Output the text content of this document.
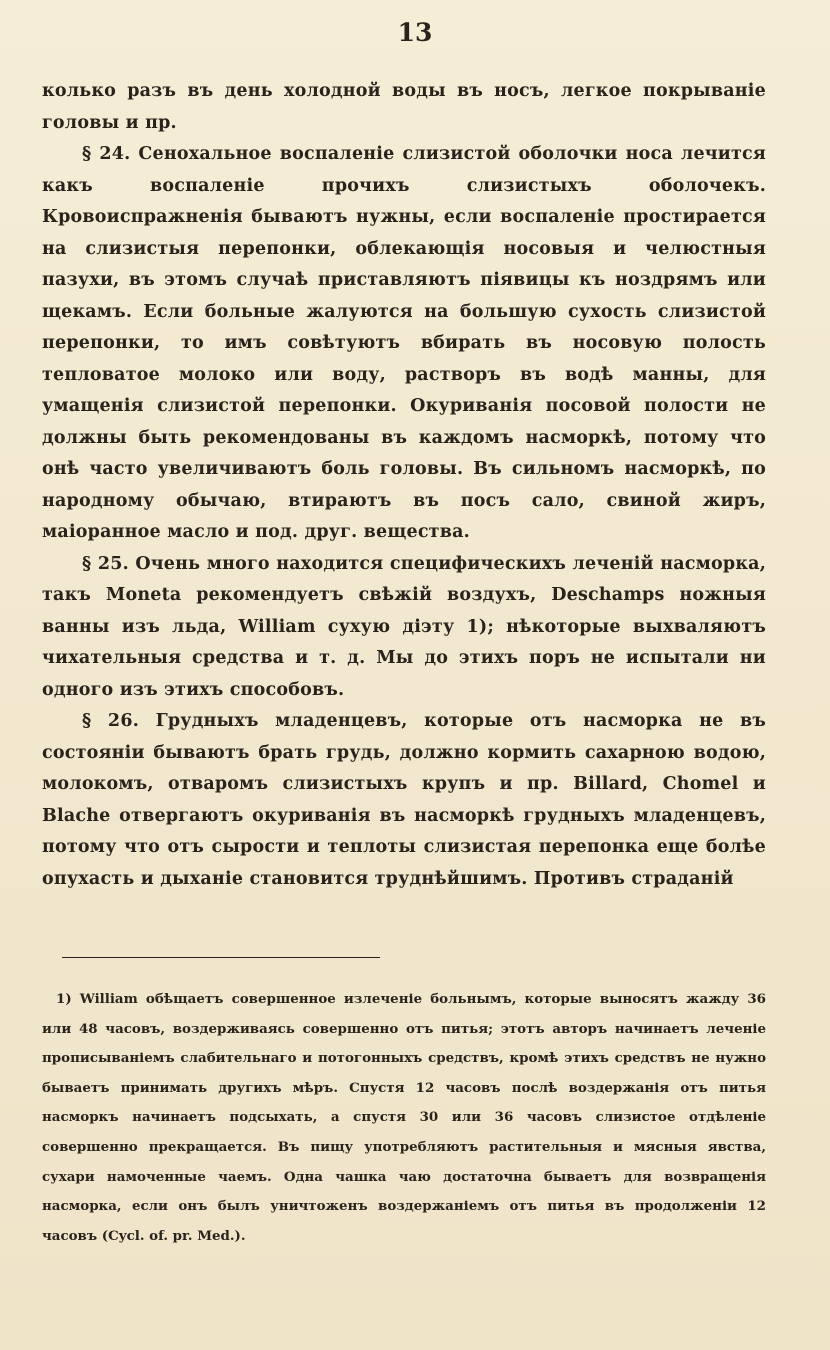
13

колько разъ въ день холодной воды въ носъ, легкое покрываніе головы и пр.

§ 24. Сенохальное воспаленіе слизистой оболочки носа лечится какъ воспаленіе прочихъ слизистыхъ оболочекъ. Кровоиспражненія бываютъ нужны, если воспаленіе простирается на слизистыя перепонки, облекающія носовыя и челюстныя пазухи, въ этомъ случаѣ приставляютъ піявицы къ ноздрямъ или щекамъ. Если больные жалуются на большую сухость слизистой перепонки, то имъ совѣтуютъ вбирать въ носовую полость тепловатое молоко или воду, растворъ въ водѣ манны, для умащенія слизистой перепонки. Окуриванія посовой полости не должны быть рекомендованы въ каждомъ насморкѣ, потому что онѣ часто увеличиваютъ боль головы. Въ сильномъ насморкѣ, по народному обычаю, втираютъ въ посъ сало, свиной жиръ, маіоранное масло и под. друг. вещества.

§ 25. Очень много находится специфическихъ леченій насморка, такъ Moneta рекомендуетъ свѣжій воздухъ, Deschamps ножныя ванны изъ льда, William сухую діэту 1); нѣкоторые выхваляютъ чихательныя средства и т. д. Мы до этихъ поръ не испытали ни одного изъ этихъ способовъ.

§ 26. Грудныхъ младенцевъ, которые отъ насморка не въ состояніи бываютъ брать грудь, должно кормить сахарною водою, молокомъ, отваромъ слизистыхъ крупъ и пр. Billard, Chomel и Blache отвергаютъ окуриванія въ насморкѣ грудныхъ младенцевъ, потому что отъ сырости и теплоты слизистая перепонка еще болѣе опухасть и дыханіе становится труднѣйшимъ. Противъ страданій

1) William обѣщаетъ совершенное излеченіе больнымъ, которые выносятъ жажду 36 или 48 часовъ, воздерживаясь совершенно отъ питья; этотъ авторъ начинаетъ леченіе прописываніемъ слабительнаго и потогонныхъ средствъ, кромѣ этихъ средствъ не нужно бываетъ принимать другихъ мѣръ. Спустя 12 часовъ послѣ воздержанія отъ питья насморкъ начинаетъ подсыхать, а спустя 30 или 36 часовъ слизистое отдѣленіе совершенно прекращается. Въ пищу употребляютъ растительныя и мясныя явства, сухари намоченные чаемъ. Одна чашка чаю достаточна бываетъ для возвращенія насморка, если онъ былъ уничтоженъ воздержаніемъ отъ питья въ продолженіи 12 часовъ (Cycl. of. pr. Med.).
